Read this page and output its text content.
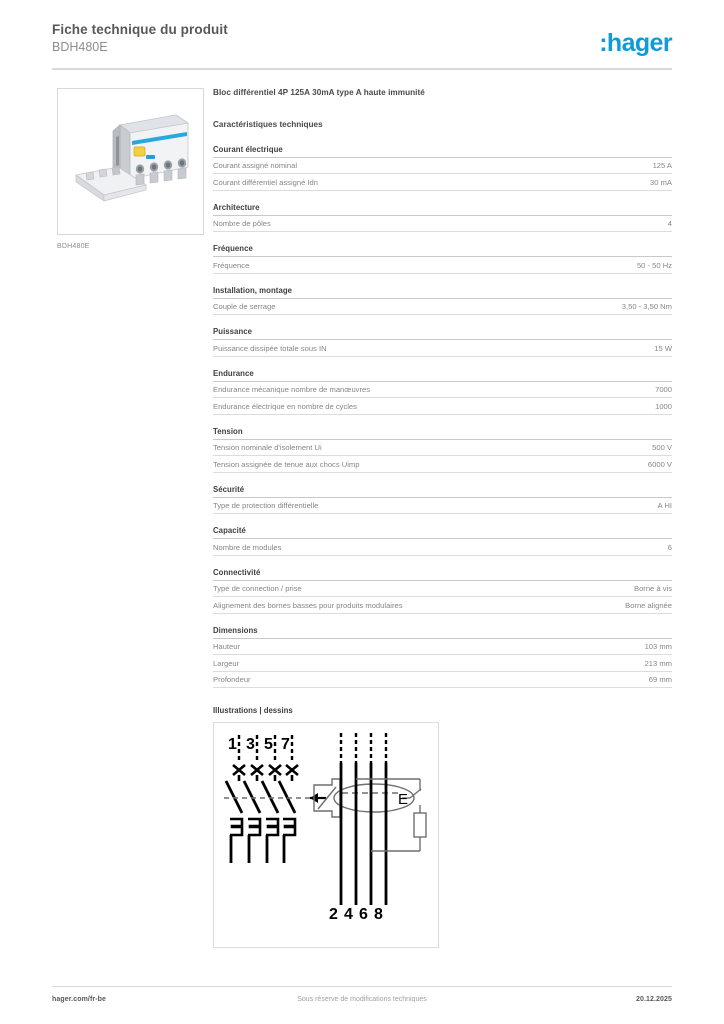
Fiche technique du produit
BDH480E	:hager
BDH480E
Bloc différentiel 4P 125A 30mA type A haute immunité
Caractéristiques techniques
Courant électrique
Courant assigné nominal	125 A
Courant différentiel assigné Idn	30 mA
Architecture
Nombre de pôles	4
Fréquence
Fréquence	50 - 50 Hz
Installation, montage
Couple de serrage	3,50 - 3,50 Nm
Puissance
Puissance dissipée totale sous IN	15 W
Endurance
Endurance mécanique nombre de manœuvres	7000
Endurance électrique en nombre de cycles	1000
Tension
Tension nominale d'isolement Ui	500 V
Tension assignée de tenue aux chocs Uimp	6000 V
Sécurité
Type de protection différentielle	A HI
Capacité
Nombre de modules	6
Connectivité
Type de connection / prise	Borne à vis
Alignement des bornes basses pour produits modulaires	Borne alignée
Dimensions
Hauteur	103 mm
Largeur	213 mm
Profondeur	69 mm
Illustrations | dessins
1 3 5 7
E
2 4 6 8
hager.com/fr-be	Sous réserve de modifications techniques	20.12.2025
